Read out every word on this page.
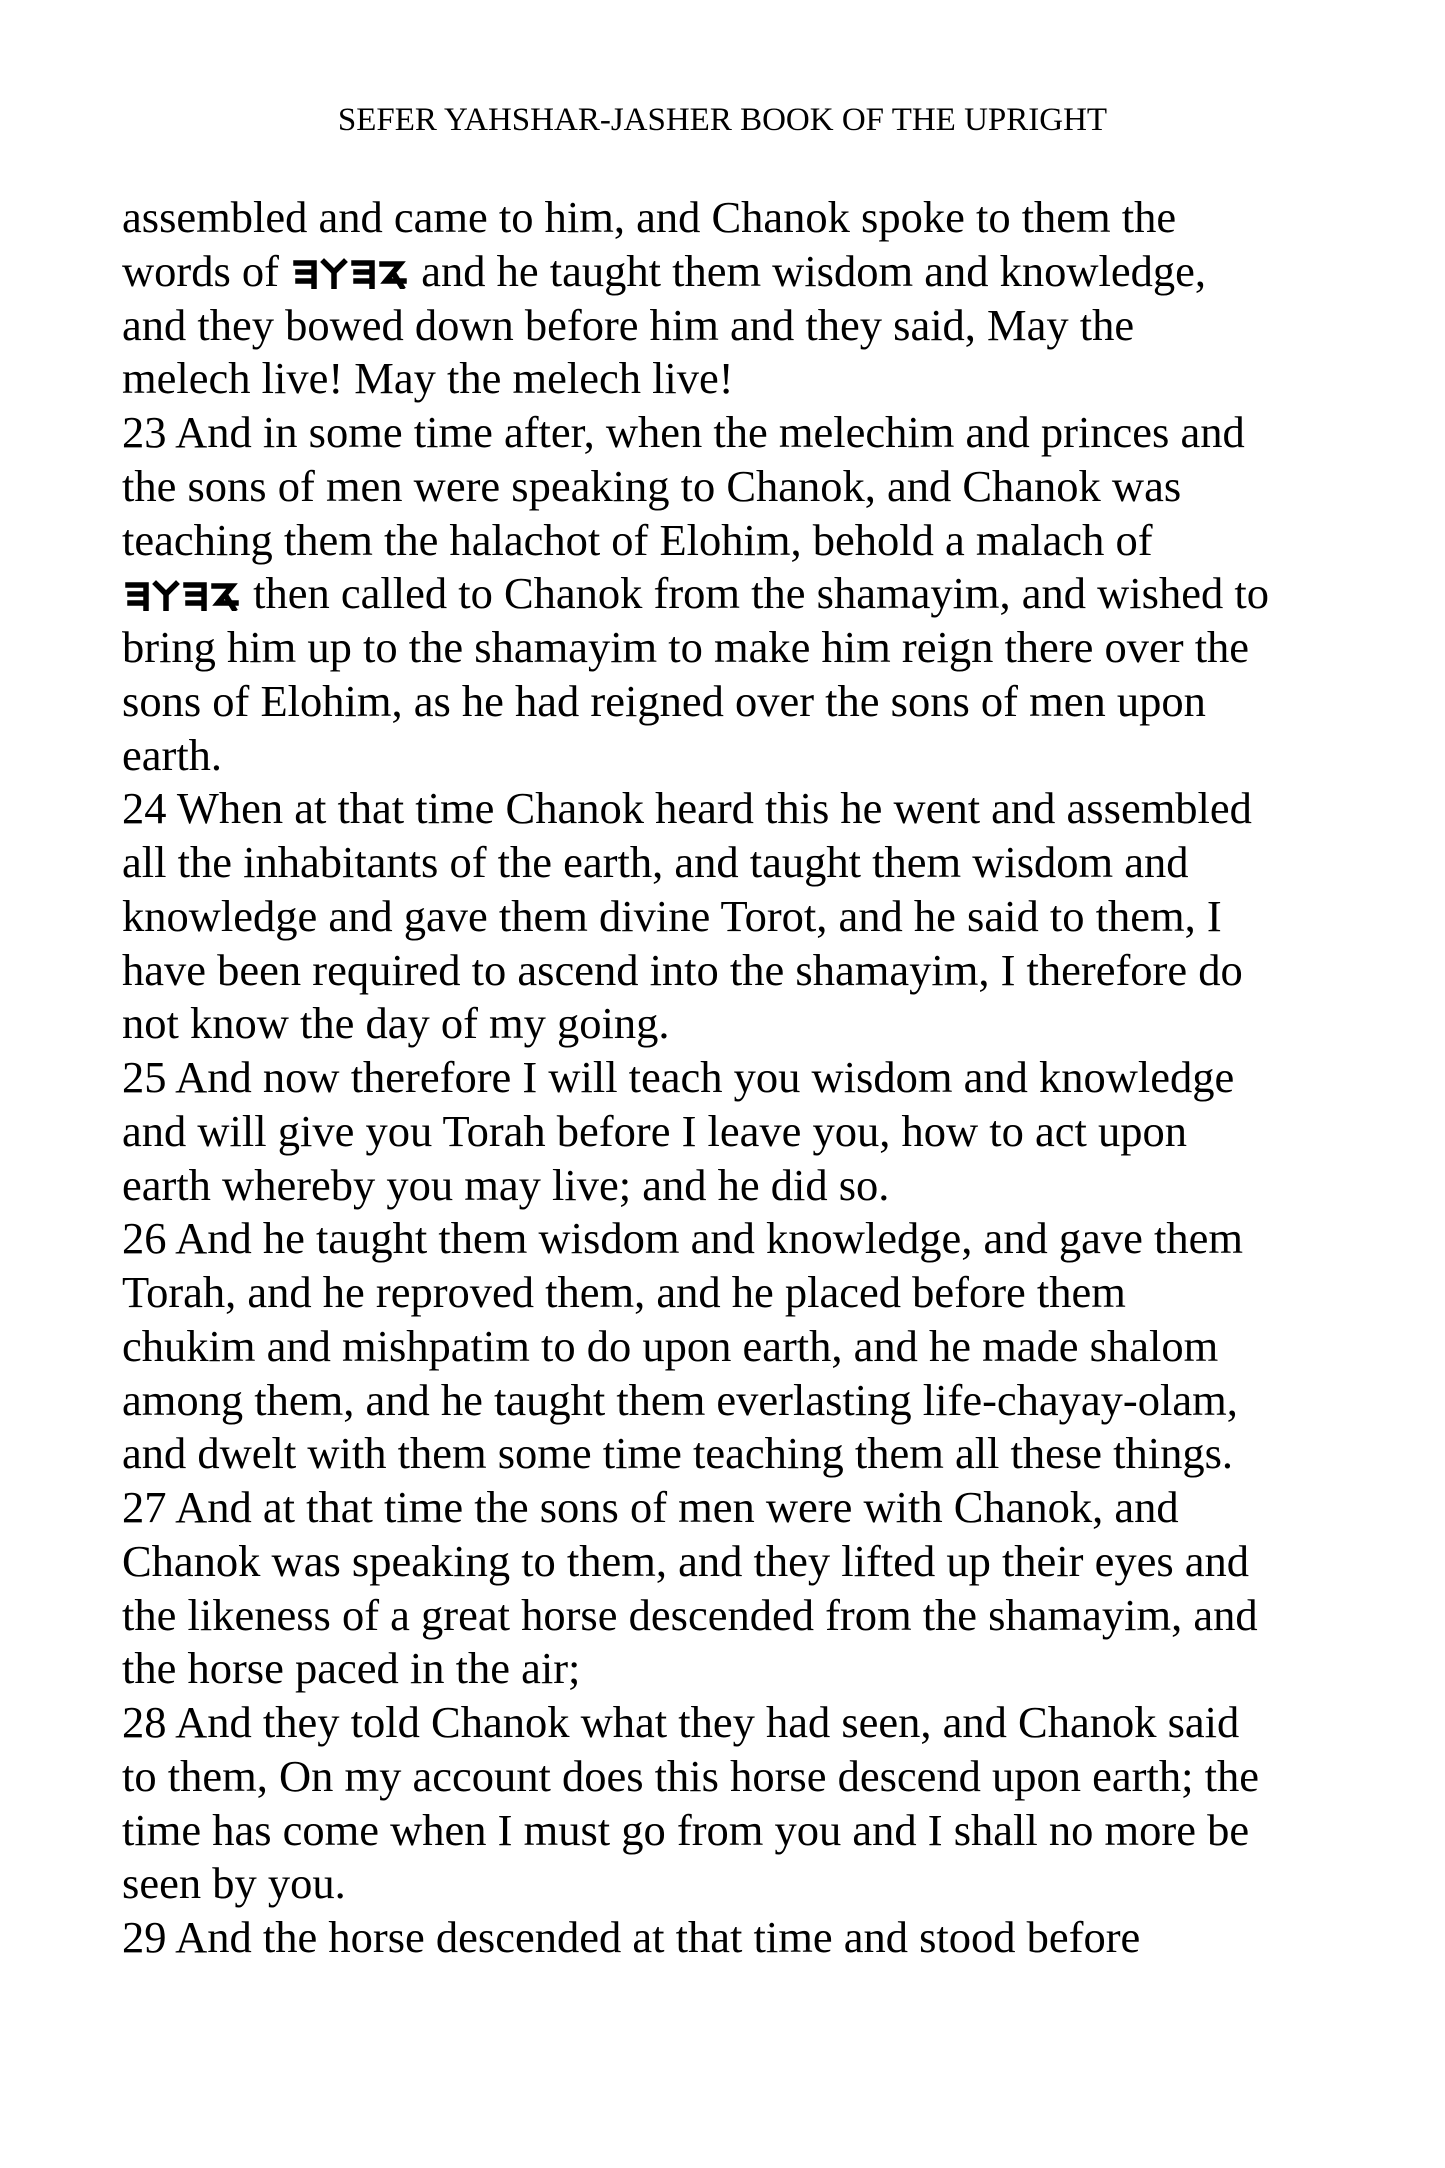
SEFER YAHSHAR-JASHER BOOK OF THE UPRIGHT
assembled and came to him, and Chanok spoke to them the
words of	and he taught them wisdom and knowledge,
and they bowed down before him and they said, May the
melech live! May the melech live!
23 And in some time after, when the melechim and princes and
the sons of men were speaking to Chanok, and Chanok was
teaching them the halachot of Elohim, behold a malach of
then called to Chanok from the shamayim, and wished to
bring him up to the shamayim to make him reign there over the
sons of Elohim, as he had reigned over the sons of men upon
earth.
24 When at that time Chanok heard this he went and assembled
all the inhabitants of the earth, and taught them wisdom and
knowledge and gave them divine Torot, and he said to them, I
have been required to ascend into the shamayim, I therefore do
not know the day of my going.
25 And now therefore I will teach you wisdom and knowledge
and will give you Torah before I leave you, how to act upon
earth whereby you may live; and he did so.
26 And he taught them wisdom and knowledge, and gave them
Torah, and he reproved them, and he placed before them
chukim and mishpatim to do upon earth, and he made shalom
among them, and he taught them everlasting life-chayay-olam,
and dwelt with them some time teaching them all these things.
27 And at that time the sons of men were with Chanok, and
Chanok was speaking to them, and they lifted up their eyes and
the likeness of a great horse descended from the shamayim, and
the horse paced in the air;
28 And they told Chanok what they had seen, and Chanok said
to them, On my account does this horse descend upon earth; the
time has come when I must go from you and I shall no more be
seen by you.
29 And the horse descended at that time and stood before
